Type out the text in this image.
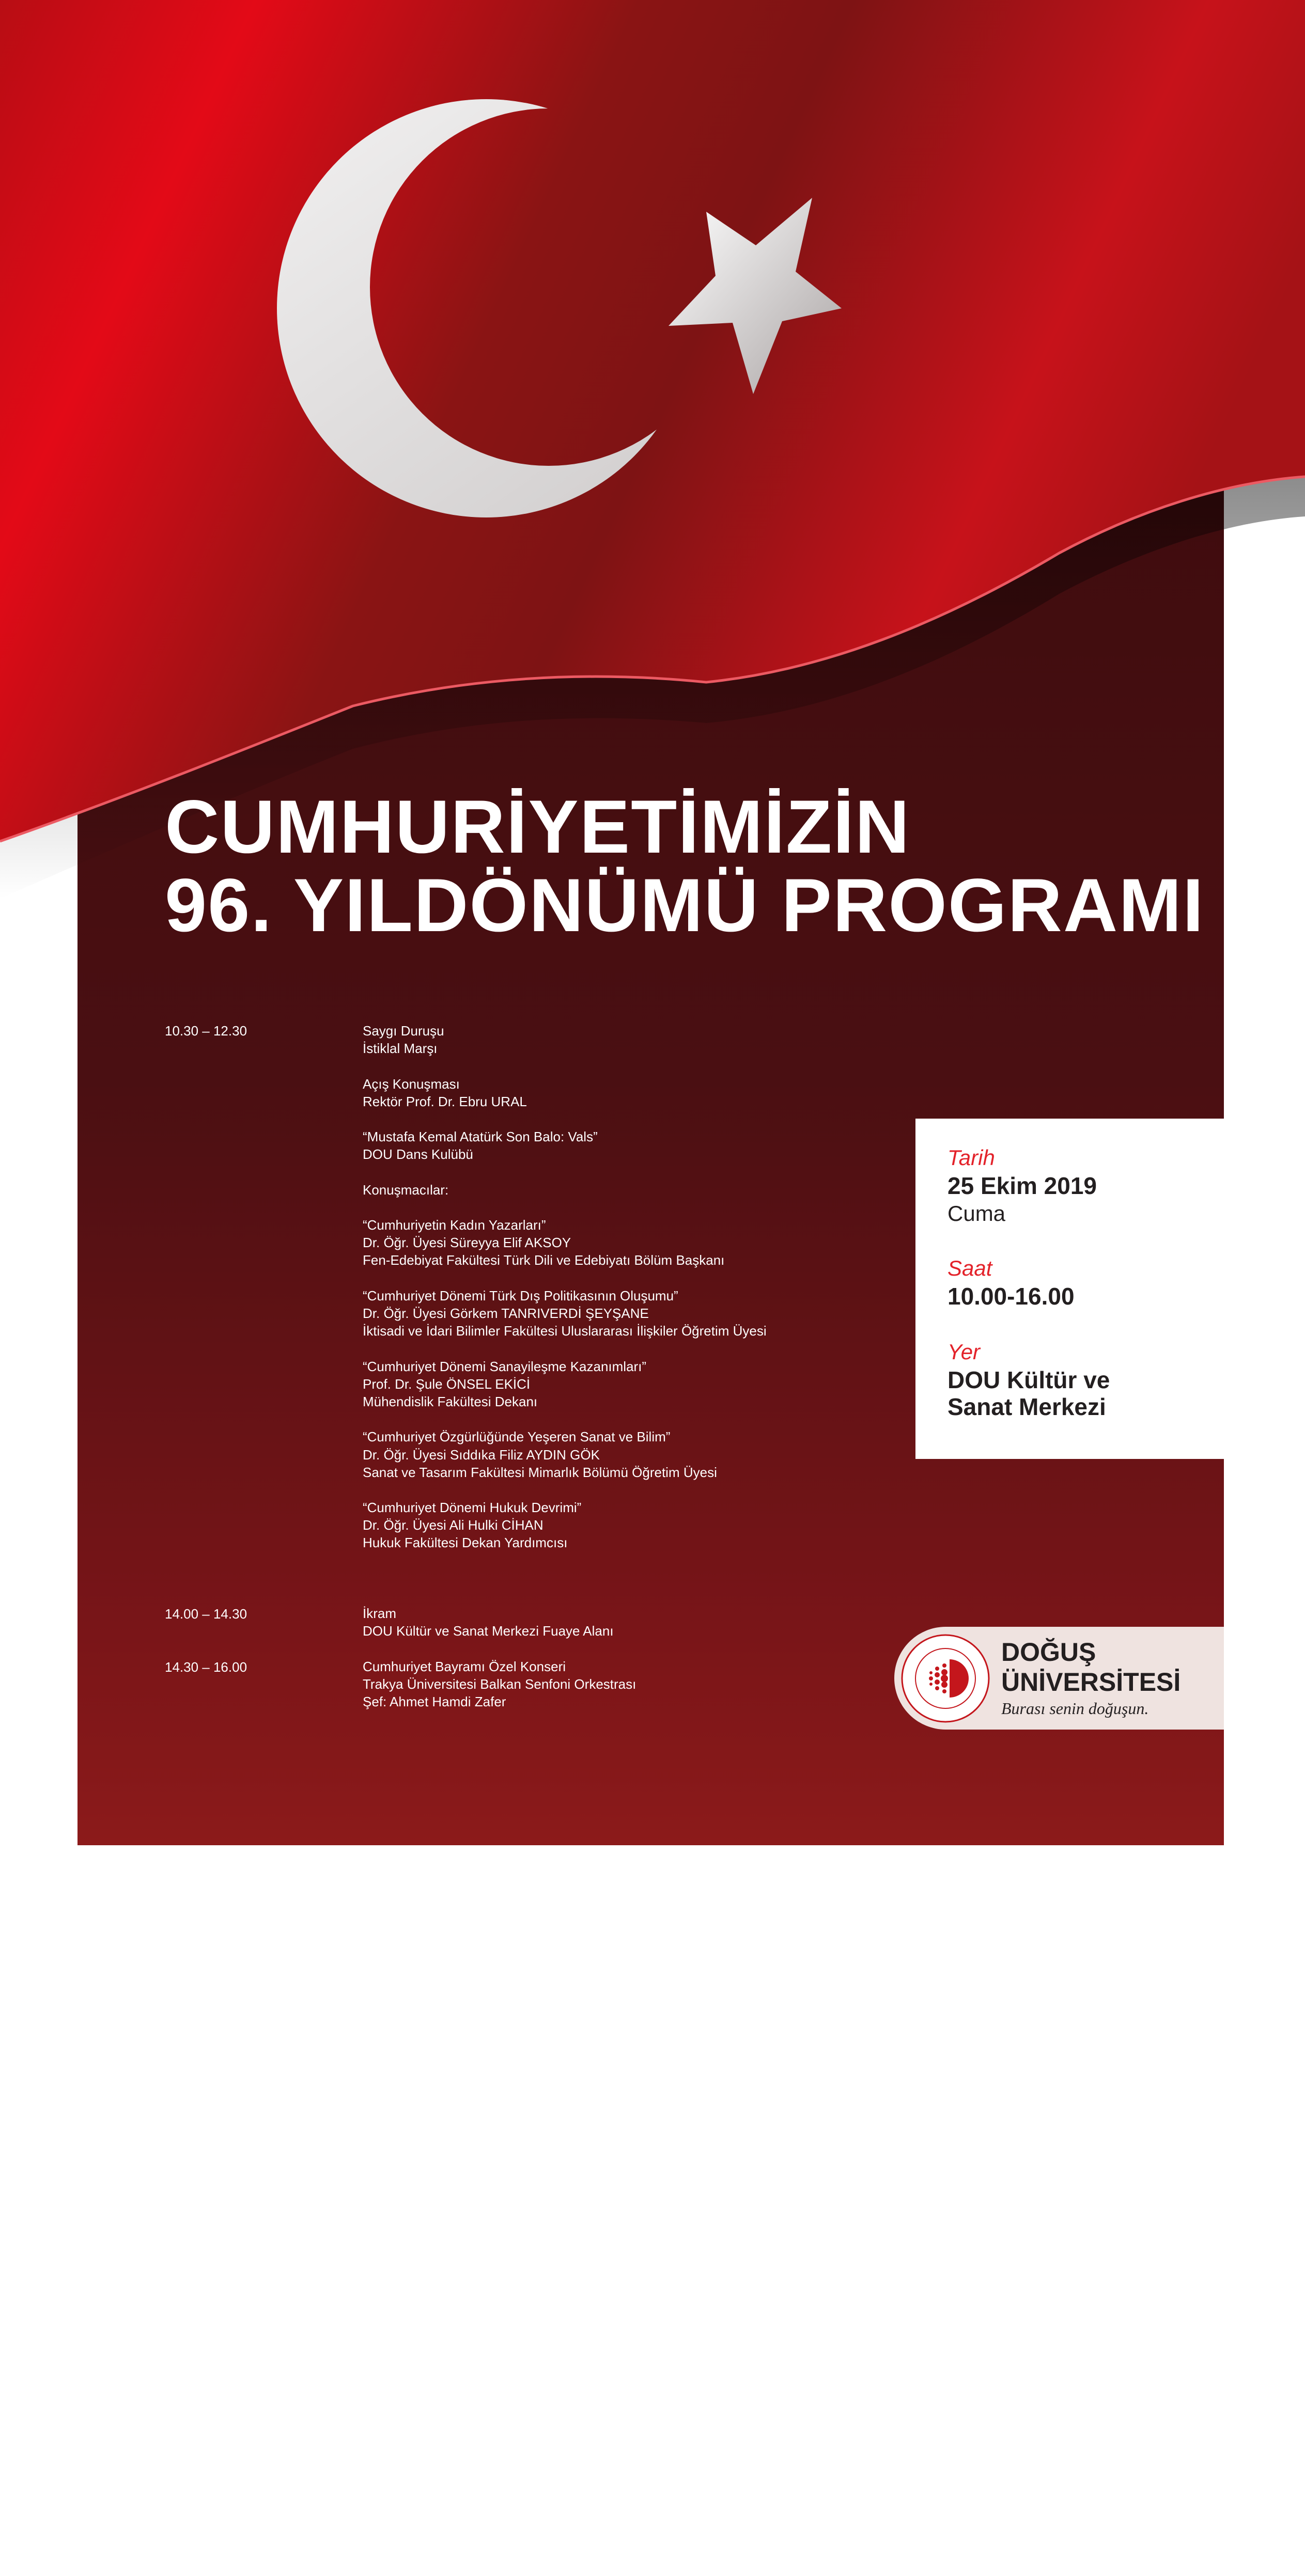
CUMHURİYETİMİZİN
96. YILDÖNÜMÜ PROGRAMI
10.30 – 12.30
14.00 – 14.30
14.30 – 16.00
Saygı Duruşu
İstiklal Marşı
Açış Konuşması
Rektör Prof. Dr. Ebru URAL
“Mustafa Kemal Atatürk Son Balo: Vals”
DOU Dans Kulübü
Konuşmacılar:
“Cumhuriyetin Kadın Yazarları”
Dr. Öğr. Üyesi Süreyya Elif AKSOY
Fen-Edebiyat Fakültesi Türk Dili ve Edebiyatı Bölüm Başkanı
“Cumhuriyet Dönemi Türk Dış Politikasının Oluşumu”
Dr. Öğr. Üyesi Görkem TANRIVERDİ ŞEYŞANE
İktisadi ve İdari Bilimler Fakültesi Uluslararası İlişkiler Öğretim Üyesi
“Cumhuriyet Dönemi Sanayileşme Kazanımları”
Prof. Dr. Şule ÖNSEL EKİCİ
Mühendislik Fakültesi Dekanı
“Cumhuriyet Özgürlüğünde Yeşeren Sanat ve Bilim”
Dr. Öğr. Üyesi Sıddıka Filiz AYDIN GÖK
Sanat ve Tasarım Fakültesi Mimarlık Bölümü Öğretim Üyesi
“Cumhuriyet Dönemi Hukuk Devrimi”
Dr. Öğr. Üyesi Ali Hulki CİHAN
Hukuk Fakültesi Dekan Yardımcısı
İkram
DOU Kültür ve Sanat Merkezi Fuaye Alanı
Cumhuriyet Bayramı Özel Konseri
Trakya Üniversitesi Balkan Senfoni Orkestrası
Şef: Ahmet Hamdi Zafer
Tarih
25 Ekim 2019
Cuma
Saat
10.00-16.00
Yer
DOU Kültür ve
Sanat Merkezi
DOĞUŞ
ÜNİVERSİTESİ
Burası senin doğuşun.
